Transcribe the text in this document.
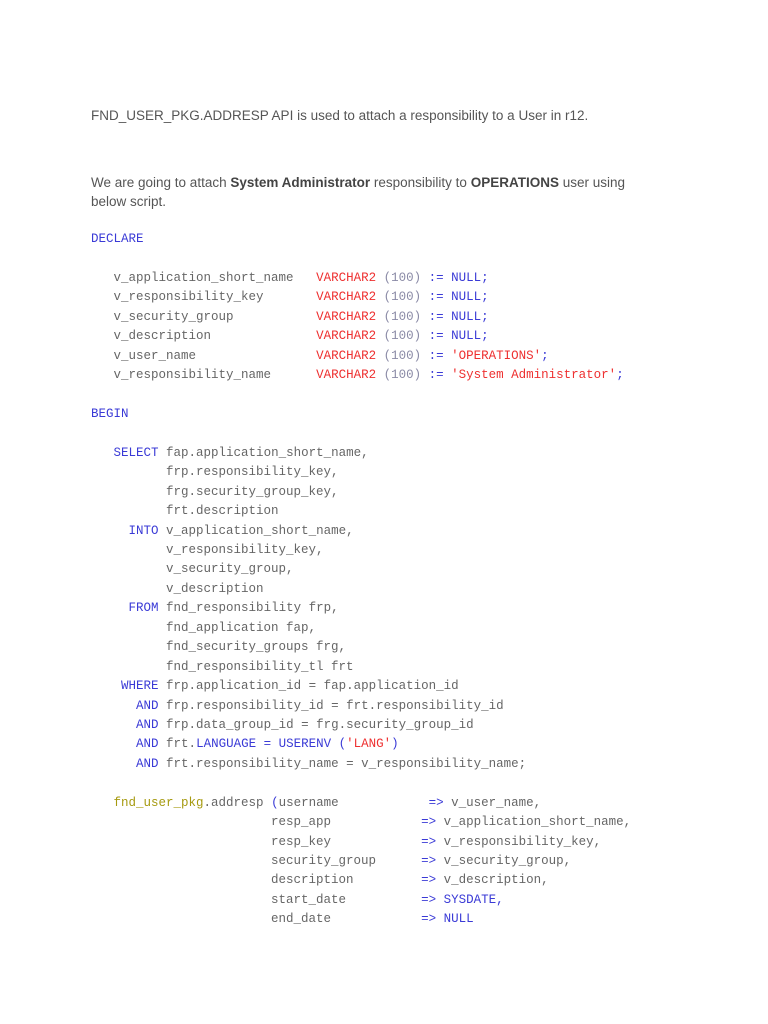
FND_USER_PKG.ADDRESP API is used to attach a responsibility to a User in r12.

We are going to attach System Administrator responsibility to OPERATIONS user using below script.

DECLARE
v_application_short_name   VARCHAR2 (100) := NULL;
v_responsibility_key       VARCHAR2 (100) := NULL;
v_security_group           VARCHAR2 (100) := NULL;
v_description              VARCHAR2 (100) := NULL;
v_user_name                VARCHAR2 (100) := 'OPERATIONS';
v_responsibility_name      VARCHAR2 (100) := 'System Administrator';
BEGIN
SELECT fap.application_short_name,
frp.responsibility_key,
frg.security_group_key,
frt.description
INTO v_application_short_name,
v_responsibility_key,
v_security_group,
v_description
FROM fnd_responsibility frp,
fnd_application fap,
fnd_security_groups frg,
fnd_responsibility_tl frt
WHERE frp.application_id = fap.application_id
AND frp.responsibility_id = frt.responsibility_id
AND frp.data_group_id = frg.security_group_id
AND frt.LANGUAGE = USERENV ('LANG')
AND frt.responsibility_name = v_responsibility_name;
fnd_user_pkg.addresp (username            => v_user_name,
resp_app            => v_application_short_name,
resp_key            => v_responsibility_key,
security_group      => v_security_group,
description         => v_description,
start_date          => SYSDATE,
end_date            => NULL
